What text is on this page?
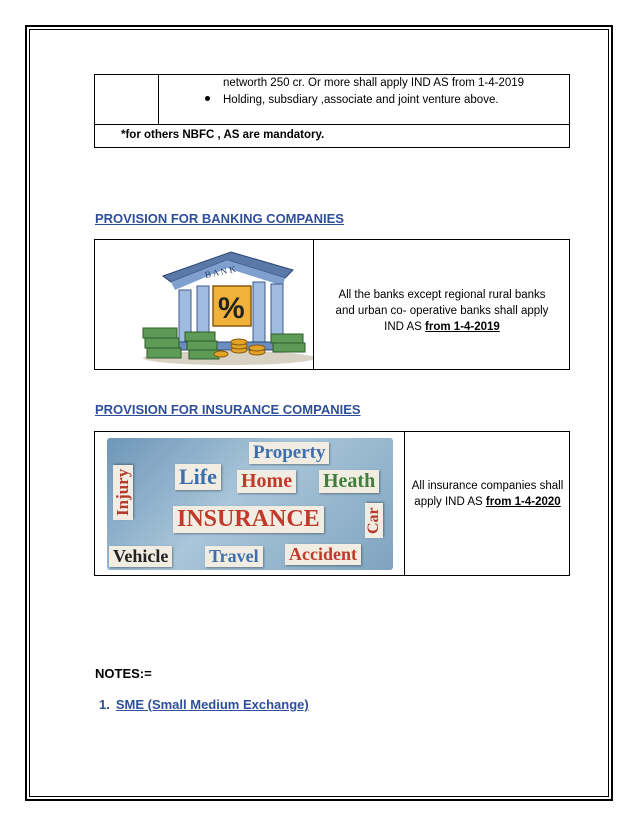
networth 250 cr. Or more shall apply IND AS from 1-4-2019
Holding, subsdiary ,associate and joint venture above.
*for others NBFC , AS are mandatory.
PROVISION FOR BANKING COMPANIES
B A N K
%	All the banks except regional rural banks
and urban co- operative banks shall apply
IND AS from 1-4-2019
PROVISION FOR INSURANCE COMPANIES
Property
Injury Life Home Heath
INSURANCE	Car
Vehicle Travel Accident
All insurance companies shall
apply IND AS from 1-4-2020
NOTES:=
1. SME (Small Medium Exchange)
